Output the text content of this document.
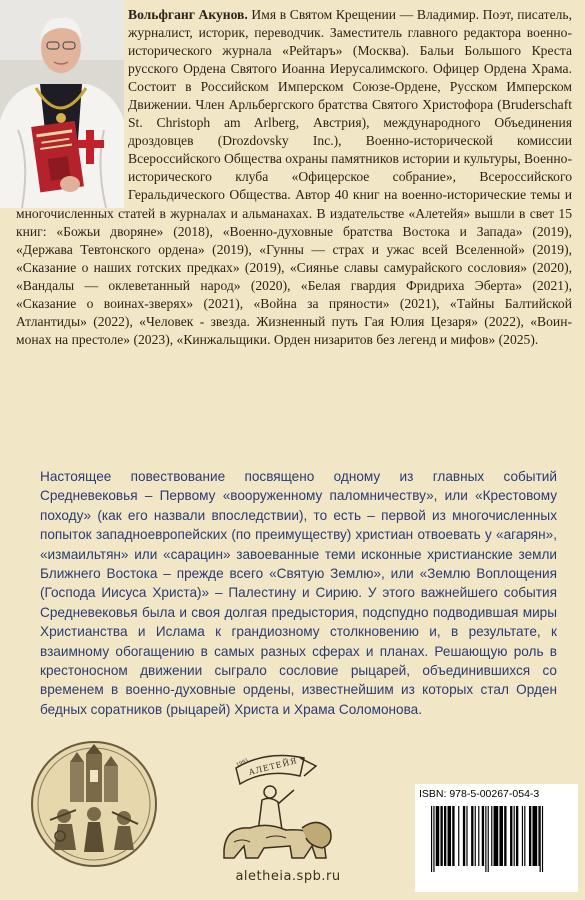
Вольфганг Акунов. Имя в Святом Крещении — Владимир. Поэт, писатель, журналист, историк, переводчик. Заместитель главного редактора военно-исторического журнала «Рейтаръ» (Москва). Бальи Большого Креста русского Ордена Святого Иоанна Иерусалимского. Офицер Ордена Храма. Состоит в Российском Имперском Союзе-Ордене, Русском Имперском Движении. Член Арльбергского братства Святого Христофора (Bruderschaft St. Christoph am Arlberg, Австрия), международного Объединения дроздовцев (Drozdovsky Inc.), Военно-исторической комиссии Всероссийского Общества охраны памятников истории и культуры, Военно-исторического клуба «Офицерское собрание», Всероссийского Геральдического Общества. Автор 40 книг на военно-исторические темы и многочисленных статей в журналах и альманахах. В издательстве «Алетейя» вышли в свет 15 книг: «Божьи дворяне» (2018), «Военно-духовные братства Востока и Запада» (2019), «Держава Тевтонского ордена» (2019), «Гунны — страх и ужас всей Вселенной» (2019), «Сказание о наших готских предках» (2019), «Сиянье славы самурайского сословия» (2020), «Вандалы — оклеветанный народ» (2020), «Белая гвардия Фридриха Эберта» (2021), «Сказание о воинах-зверях» (2021), «Война за пряности» (2021), «Тайны Балтийской Атлантиды» (2022), «Человек - звезда. Жизненный путь Гая Юлия Цезаря» (2022), «Воин-монах на престоле» (2023), «Кинжальщики. Орден низаритов без легенд и мифов» (2025).

Настоящее повествование посвящено одному из главных событий Средневековья – Первому «вооруженному паломничеству», или «Крестовому походу» (как его назвали впоследствии), то есть – первой из многочисленных попыток западноевропейских (по преимуществу) христиан отвоевать у «агарян», «измаильтян» или «сарацин» завоеванные теми исконные христианские земли Ближнего Востока – прежде всего «Святую Землю», или «Землю Воплощения (Господа Иисуса Христа)» – Палестину и Сирию. У этого важнейшего события Средневековья была и своя долгая предыстория, подспудно подводившая миры Христианства и Ислама к грандиозному столкновению и, в результате, к взаимному обогащению в самых разных сферах и планах. Решающую роль в крестоносном движении сыграло сословие рыцарей, объединившихся со временем в военно-духовные ордены, известнейшим из которых стал Орден бедных соратников (рыцарей) Христа и Храма Соломонова.

АЛЕТЕЙЯ
1993
aletheia.spb.ru
ISBN: 978-5-00267-054-3
